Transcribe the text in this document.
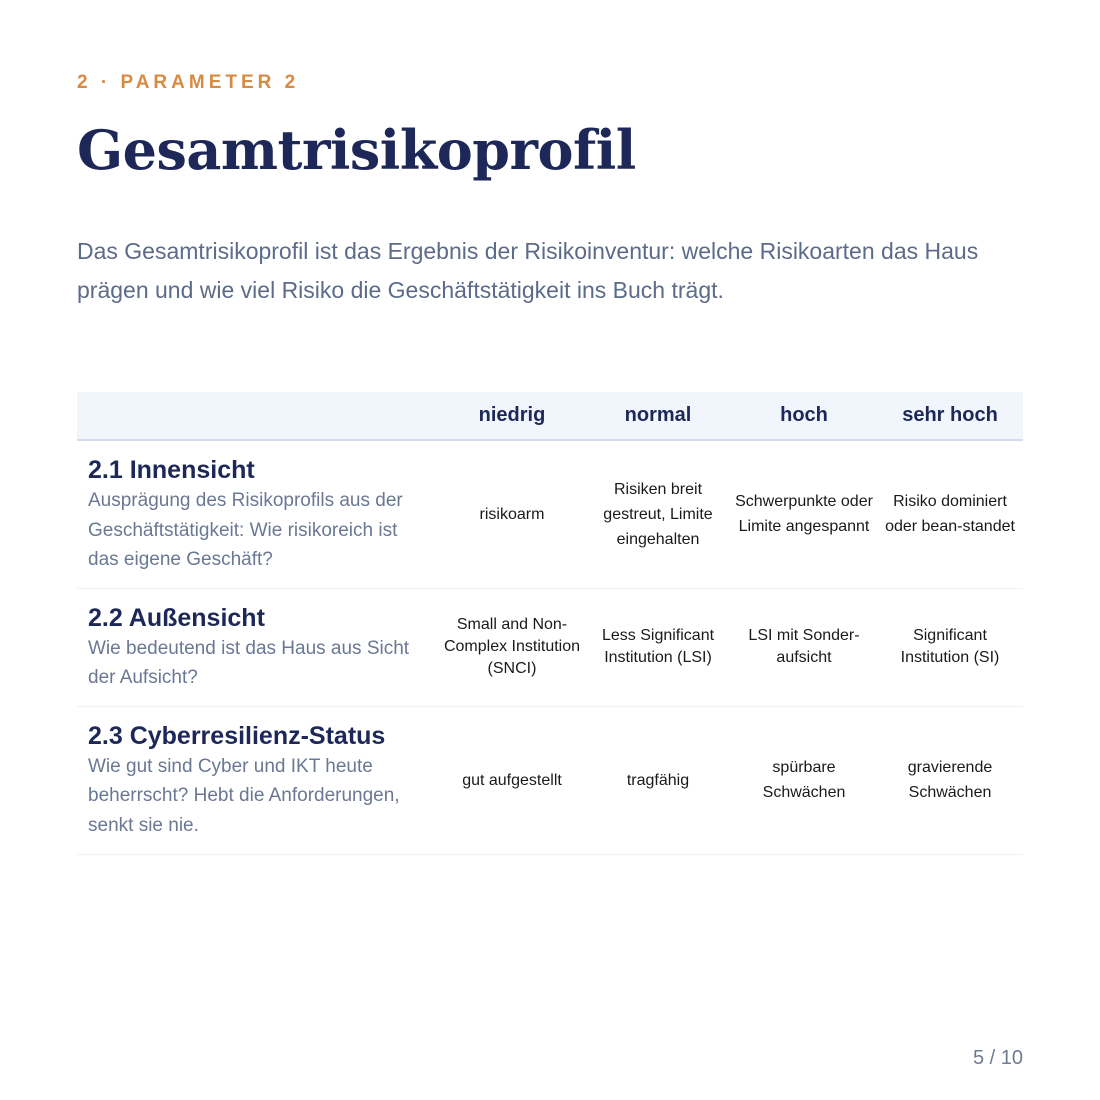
2 · PARAMETER 2
Gesamtrisikoprofil

Das Gesamtrisikoprofil ist das Ergebnis der Risikoinventur: welche Risikoarten das Haus prägen und wie viel Risiko die Geschäftstätigkeit ins Buch trägt.

	niedrig	normal	hoch	sehr hoch

2.1 Innensicht
Ausprägung des Risikoprofils aus der Geschäftstätigkeit: Wie risikoreich ist das eigene Geschäft?	risikoarm	Risiken breit gestreut, Limite eingehalten	Schwerpunkte oder Limite angespannt	Risiko dominiert oder bean-standet

2.2 Außensicht
Wie bedeutend ist das Haus aus Sicht der Aufsicht?	Small and Non-Complex Institution (SNCI)	Less Significant Institution (LSI)	LSI mit Sonder-aufsicht	Significant Institution (SI)

2.3 Cyberresilienz-Status
Wie gut sind Cyber und IKT heute beherrscht? Hebt die Anforderungen, senkt sie nie.	gut aufgestellt	tragfähig	spürbare Schwächen	gravierende Schwächen
5 / 10
